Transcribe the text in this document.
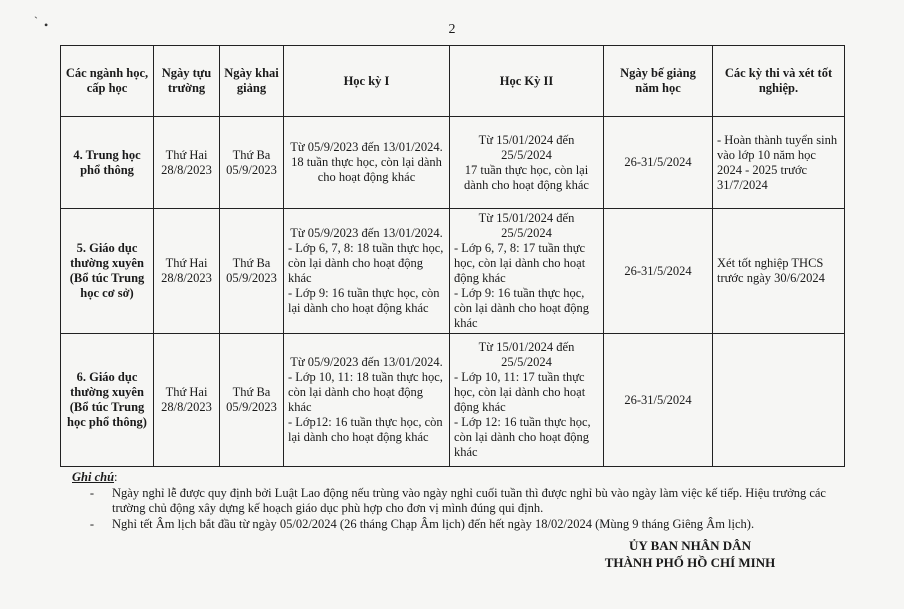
ˋ •	2
Các ngành học, cấp học	Ngày tựu trường	Ngày khai giảng	Học kỳ I	Học Kỳ II	Ngày bế giảng năm học	Các kỳ thi và xét tốt nghiệp.
4. Trung học phổ thông	Thứ Hai 28/8/2023	Thứ Ba 05/9/2023	Từ 05/9/2023 đến 13/01/2024.
18 tuần thực học, còn lại dành cho hoạt động khác	Từ 15/01/2024 đến 25/5/2024
17 tuần thực học, còn lại dành cho hoạt động khác	26-31/5/2024	- Hoàn thành tuyển sinh vào lớp 10 năm học 2024 - 2025 trước 31/7/2024
5. Giáo dục thường xuyên (Bổ túc Trung học cơ sở)	Thứ Hai 28/8/2023	Thứ Ba 05/9/2023	Từ 05/9/2023 đến 13/01/2024.
- Lớp 6, 7, 8: 18 tuần thực học, còn lại dành cho hoạt động khác
- Lớp 9: 16 tuần thực học, còn lại dành cho hoạt động khác	Từ 15/01/2024 đến 25/5/2024
- Lớp 6, 7, 8: 17 tuần thực học, còn lại dành cho hoạt động khác
- Lớp 9: 16 tuần thực học, còn lại dành cho hoạt động khác	26-31/5/2024	Xét tốt nghiệp THCS trước ngày 30/6/2024
6. Giáo dục thường xuyên (Bổ túc Trung học phổ thông)	Thứ Hai 28/8/2023	Thứ Ba 05/9/2023	Từ 05/9/2023 đến 13/01/2024.
- Lớp 10, 11: 18 tuần thực học, còn lại dành cho hoạt động khác
- Lớp12: 16 tuần thực học, còn lại dành cho hoạt động khác	Từ 15/01/2024 đến 25/5/2024
- Lớp 10, 11: 17 tuần thực học, còn lại dành cho hoạt động khác
- Lớp 12: 16 tuần thực học, còn lại dành cho hoạt động khác	26-31/5/2024	
Ghi chú:
-	Ngày nghỉ lễ được quy định bởi Luật Lao động nếu trùng vào ngày nghỉ cuối tuần thì được nghỉ bù vào ngày làm việc kế tiếp. Hiệu trưởng các trường chủ động xây dựng kế hoạch giáo dục phù hợp cho đơn vị mình đúng qui định.
-	Nghỉ tết Âm lịch bắt đầu từ ngày 05/02/2024 (26 tháng Chạp Âm lịch) đến hết ngày 18/02/2024 (Mùng 9 tháng Giêng Âm lịch).
ỦY BAN NHÂN DÂN
THÀNH PHỐ HỒ CHÍ MINH
